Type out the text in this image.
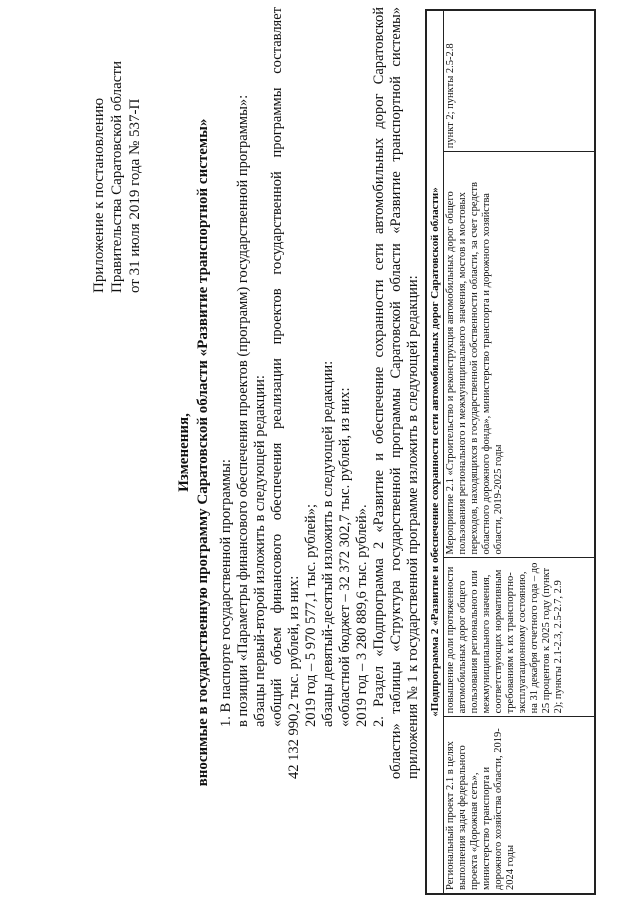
Приложение к постановлению Правительства Саратовской области от 31 июля 2019 года № 537-П
Изменения, вносимые в государственную программу Саратовской области «Развитие транспортной системы» 1. В паспорте государственной программы: в позиции «Параметры финансового обеспечения проектов (программ) государственной программы»: абзацы первый-второй изложить в следующей редакции: «общий объем финансового обеспечения реализации проектов государственной программы составляет 42 132 990,2 тыс. рублей, из них: 2019 год – 5 970 577,1 тыс. рублей»; абзацы девятый-десятый изложить в следующей редакции: «областной бюджет – 32 372 302,7 тыс. рублей, из них: 2019 год – 3 280 889,6 тыс. рублей». 2. Раздел «Подпрограмма 2 «Развитие и обеспечение сохранности сети автомобильных дорог Саратовской области» таблицы «Структура государственной программы Саратовской области «Развитие транспортной системы» приложения № 1 к государственной программе изложить в следующей редакции: «Подпрограмма 2 «Развитие и обеспечение сохранности сети автомобильных дорог Саратовской области»
Региональный проект 2.1 в целях выполнения задач федерального проекта «Дорожная сеть», министерство транспорта и дорожного хозяйства области, 2019-2024 годы	повышение доли протяженности автомобильных дорог общего пользования регионального или межмуниципального значения, соответствующих нормативным требованиям к их транспортно-эксплуатационному состоянию, на 31 декабря отчетного года – до 25 процентов к 2025 году (пункт 2); пункты 2.1-2.3, 2.5-2.7, 2.9	Мероприятие 2.1 «Строительство и реконструкция автомобильных дорог общего пользования регионального и межмуниципального значения, мостов и мостовых переходов, находящихся в государственной собственности области, за счет средств областного дорожного фонда», министерство транспорта и дорожного хозяйства области, 2019-2025 годы	пункт 2; пункты 2.5-2.8
